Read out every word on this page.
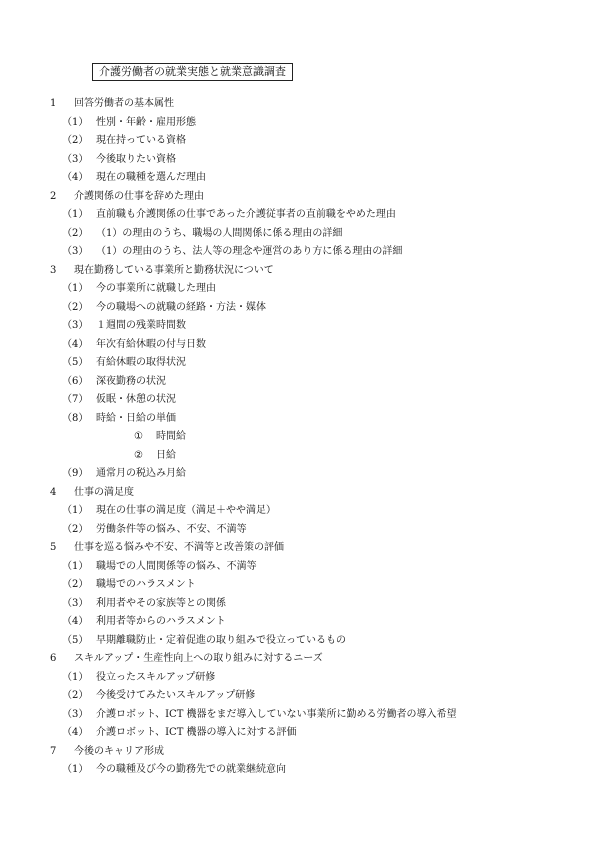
介護労働者の就業実態と就業意識調査
1	回答労働者の基本属性
（1） 性別・年齢・雇用形態
（2） 現在持っている資格
（3） 今後取りたい資格
（4） 現在の職種を選んだ理由
2	介護関係の仕事を辞めた理由
（1） 直前職も介護関係の仕事であった介護従事者の直前職をやめた理由
（2） （1）の理由のうち、職場の人間関係に係る理由の詳細
（3） （1）の理由のうち、法人等の理念や運営のあり方に係る理由の詳細
3	現在勤務している事業所と勤務状況について
（1） 今の事業所に就職した理由
（2） 今の職場への就職の経路・方法・媒体
（3） １週間の残業時間数
（4） 年次有給休暇の付与日数
（5） 有給休暇の取得状況
（6） 深夜勤務の状況
（7） 仮眠・休憩の状況
（8） 時給・日給の単価
①	時間給
②	日給
（9） 通常月の税込み月給
4	仕事の満足度
（1） 現在の仕事の満足度（満足＋やや満足）
（2） 労働条件等の悩み、不安、不満等
5	仕事を巡る悩みや不安、不満等と改善策の評価
（1） 職場での人間関係等の悩み、不満等
（2） 職場でのハラスメント
（3） 利用者やその家族等との関係
（4） 利用者等からのハラスメント
（5） 早期離職防止・定着促進の取り組みで役立っているもの
6	スキルアップ・生産性向上への取り組みに対するニーズ
（1） 役立ったスキルアップ研修
（2） 今後受けてみたいスキルアップ研修
（3） 介護ロボット、ICT 機器をまだ導入していない事業所に勤める労働者の導入希望
（4） 介護ロボット、ICT 機器の導入に対する評価
7	今後のキャリア形成
（1） 今の職種及び今の勤務先での就業継続意向
